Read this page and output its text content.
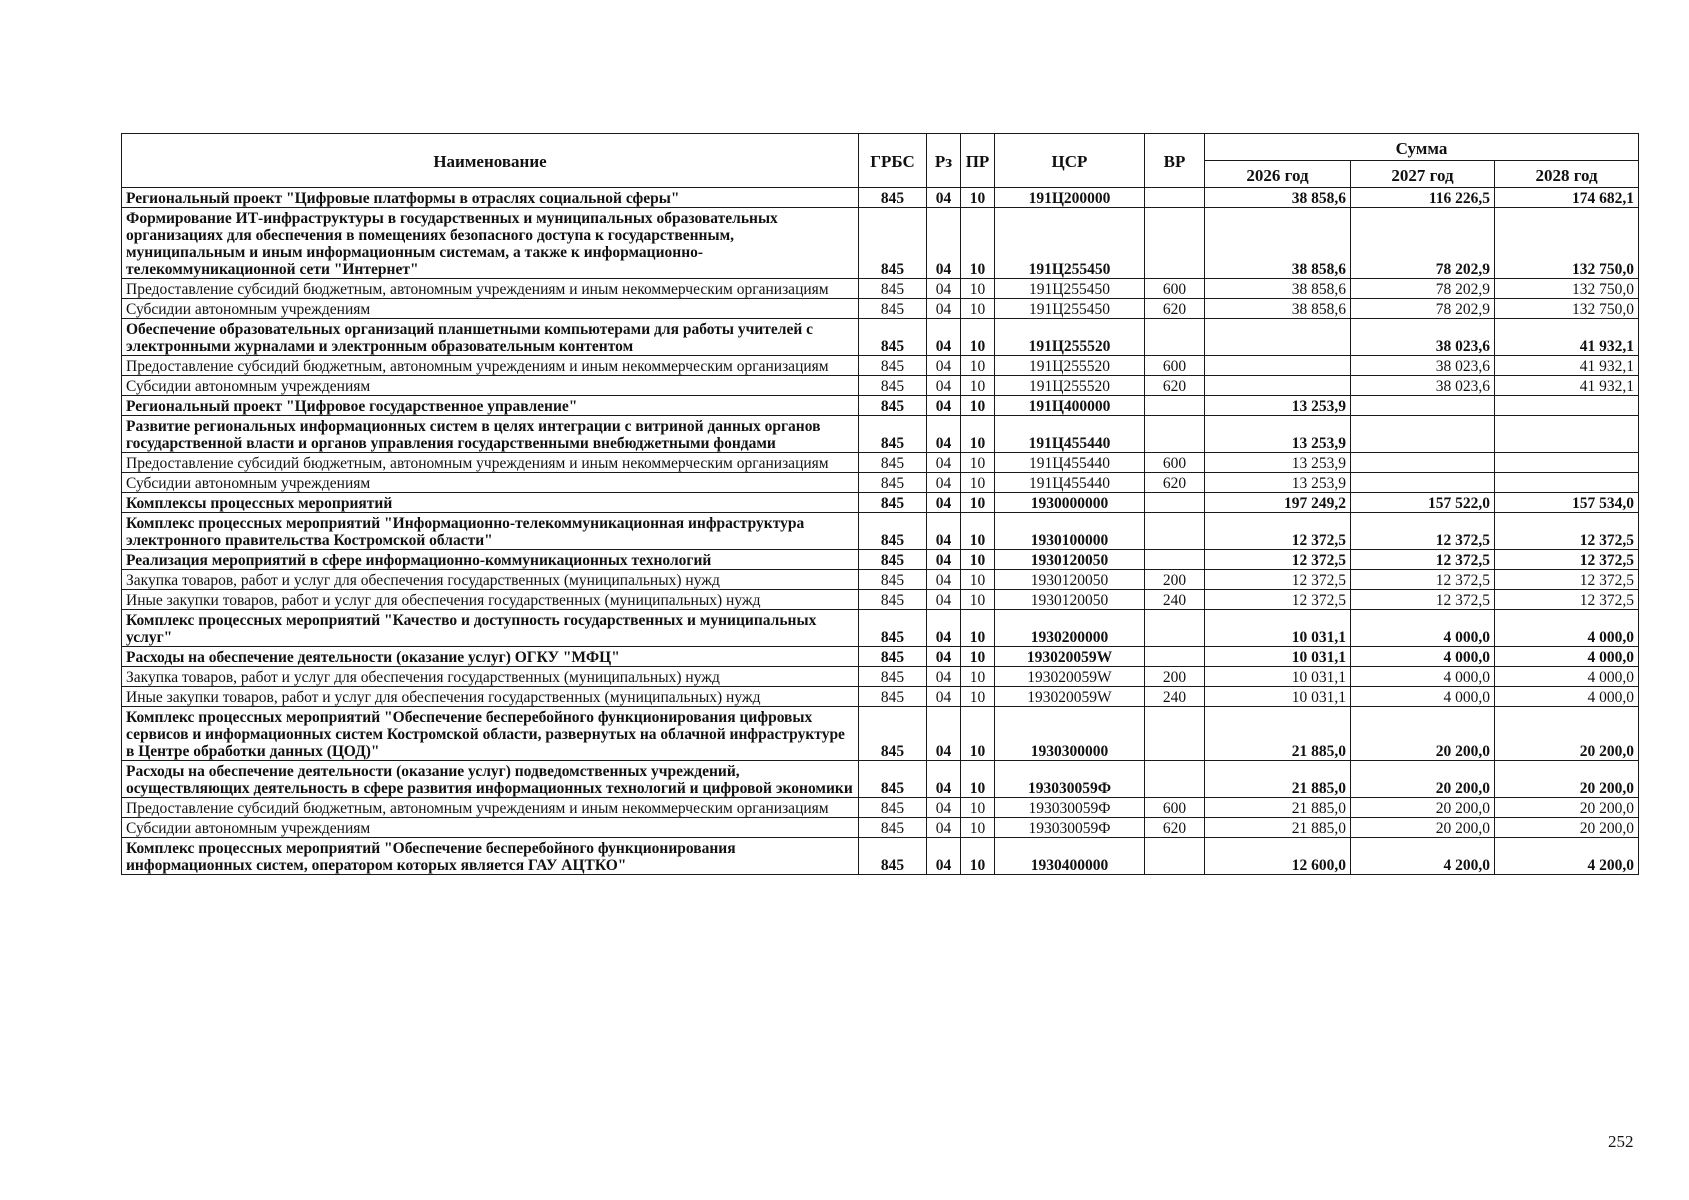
Наименование	ГРБС	Рз	ПР	ЦСР	ВР	Сумма		
						2026 год	2027 год	2028 год
Региональный проект "Цифровые платформы в отраслях социальной сферы"	845	04	10	191Ц200000		38 858,6	116 226,5	174 682,1
Формирование ИТ-инфраструктуры в государственных и муниципальных образовательных организациях для обеспечения в помещениях безопасного доступа к государственным, муниципальным и иным информационным системам, а также к информационно-телекоммуникационной сети "Интернет"	845	04	10	191Ц255450		38 858,6	78 202,9	132 750,0
Предоставление субсидий бюджетным, автономным учреждениям и иным некоммерческим организациям	845	04	10	191Ц255450	600	38 858,6	78 202,9	132 750,0
Субсидии автономным учреждениям	845	04	10	191Ц255450	620	38 858,6	78 202,9	132 750,0
Обеспечение образовательных организаций планшетными компьютерами для работы учителей с электронными журналами и электронным образовательным контентом	845	04	10	191Ц255520			38 023,6	41 932,1
Предоставление субсидий бюджетным, автономным учреждениям и иным некоммерческим организациям	845	04	10	191Ц255520	600		38 023,6	41 932,1
Субсидии автономным учреждениям	845	04	10	191Ц255520	620		38 023,6	41 932,1
Региональный проект "Цифровое государственное управление"	845	04	10	191Ц400000		13 253,9		
Развитие региональных информационных систем в целях интеграции с витриной данных органов государственной власти и органов управления государственными внебюджетными фондами	845	04	10	191Ц455440		13 253,9		
Предоставление субсидий бюджетным, автономным учреждениям и иным некоммерческим организациям	845	04	10	191Ц455440	600	13 253,9		
Субсидии автономным учреждениям	845	04	10	191Ц455440	620	13 253,9		
Комплексы процессных мероприятий	845	04	10	1930000000		197 249,2	157 522,0	157 534,0
Комплекс процессных мероприятий "Информационно-телекоммуникационная инфраструктура электронного правительства Костромской области"	845	04	10	1930100000		12 372,5	12 372,5	12 372,5
Реализация мероприятий в сфере информационно-коммуникационных технологий	845	04	10	1930120050		12 372,5	12 372,5	12 372,5
Закупка товаров, работ и услуг для обеспечения государственных (муниципальных) нужд	845	04	10	1930120050	200	12 372,5	12 372,5	12 372,5
Иные закупки товаров, работ и услуг для обеспечения государственных (муниципальных) нужд	845	04	10	1930120050	240	12 372,5	12 372,5	12 372,5
Комплекс процессных мероприятий "Качество и доступность государственных и муниципальных услуг"	845	04	10	1930200000		10 031,1	4 000,0	4 000,0
Расходы на обеспечение деятельности (оказание услуг) ОГКУ "МФЦ"	845	04	10	193020059W		10 031,1	4 000,0	4 000,0
Закупка товаров, работ и услуг для обеспечения государственных (муниципальных) нужд	845	04	10	193020059W	200	10 031,1	4 000,0	4 000,0
Иные закупки товаров, работ и услуг для обеспечения государственных (муниципальных) нужд	845	04	10	193020059W	240	10 031,1	4 000,0	4 000,0
Комплекс процессных мероприятий "Обеспечение бесперебойного функционирования цифровых сервисов и информационных систем Костромской области, развернутых на облачной инфраструктуре в Центре обработки данных (ЦОД)"	845	04	10	1930300000		21 885,0	20 200,0	20 200,0
Расходы на обеспечение деятельности (оказание услуг) подведомственных учреждений, осуществляющих деятельность в сфере развития информационных технологий и цифровой экономики	845	04	10	193030059Ф		21 885,0	20 200,0	20 200,0
Предоставление субсидий бюджетным, автономным учреждениям и иным некоммерческим организациям	845	04	10	193030059Ф	600	21 885,0	20 200,0	20 200,0
Субсидии автономным учреждениям	845	04	10	193030059Ф	620	21 885,0	20 200,0	20 200,0
Комплекс процессных мероприятий "Обеспечение бесперебойного функционирования информационных систем, оператором которых является ГАУ АЦТКО"	845	04	10	1930400000		12 600,0	4 200,0	4 200,0
252
